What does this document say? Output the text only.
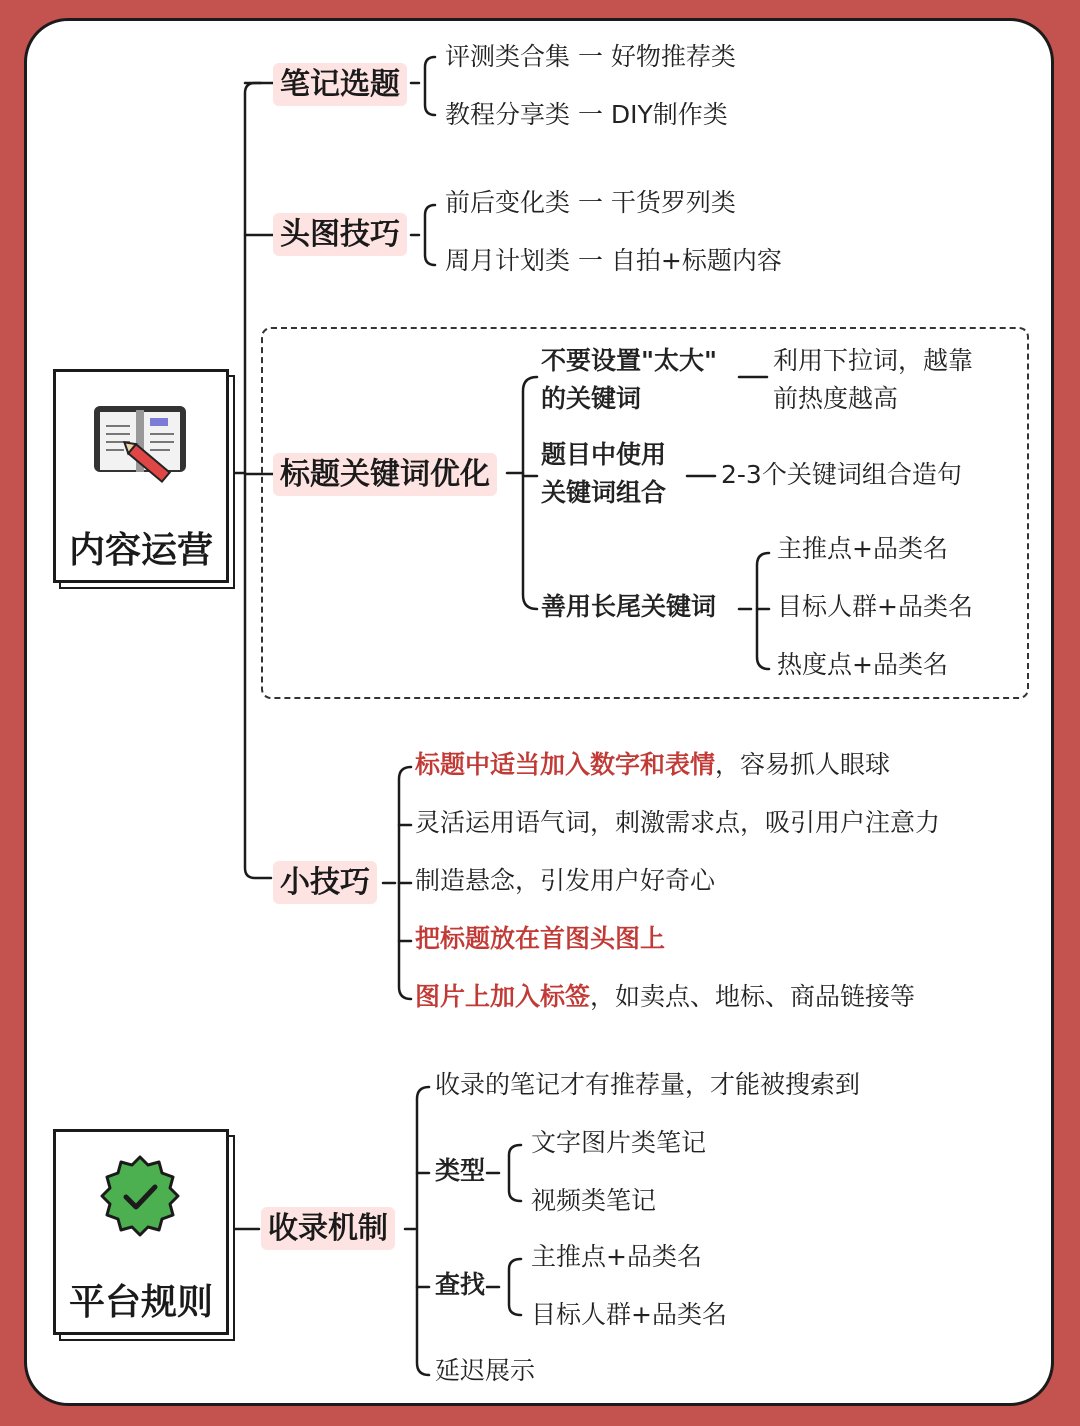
内容运营
平台规则
笔记选题
评测类合集 一 好物推荐类
教程分享类 一 DIY制作类
头图技巧
前后变化类 一 干货罗列类
周月计划类 一 自拍+标题内容
标题关键词优化
不要设置"太大"
的关键词
利用下拉词，越靠
前热度越高
题目中使用
关键词组合
2-3个关键词组合造句
善用长尾关键词
主推点+品类名
目标人群+品类名
热度点+品类名
小技巧
标题中适当加入数字和表情，容易抓人眼球
灵活运用语气词，刺激需求点，吸引用户注意力
制造悬念，引发用户好奇心
把标题放在首图头图上
图片上加入标签，如卖点、地标、商品链接等
收录机制
收录的笔记才有推荐量，才能被搜索到
类型
文字图片类笔记
视频类笔记
查找
主推点+品类名
目标人群+品类名
延迟展示
